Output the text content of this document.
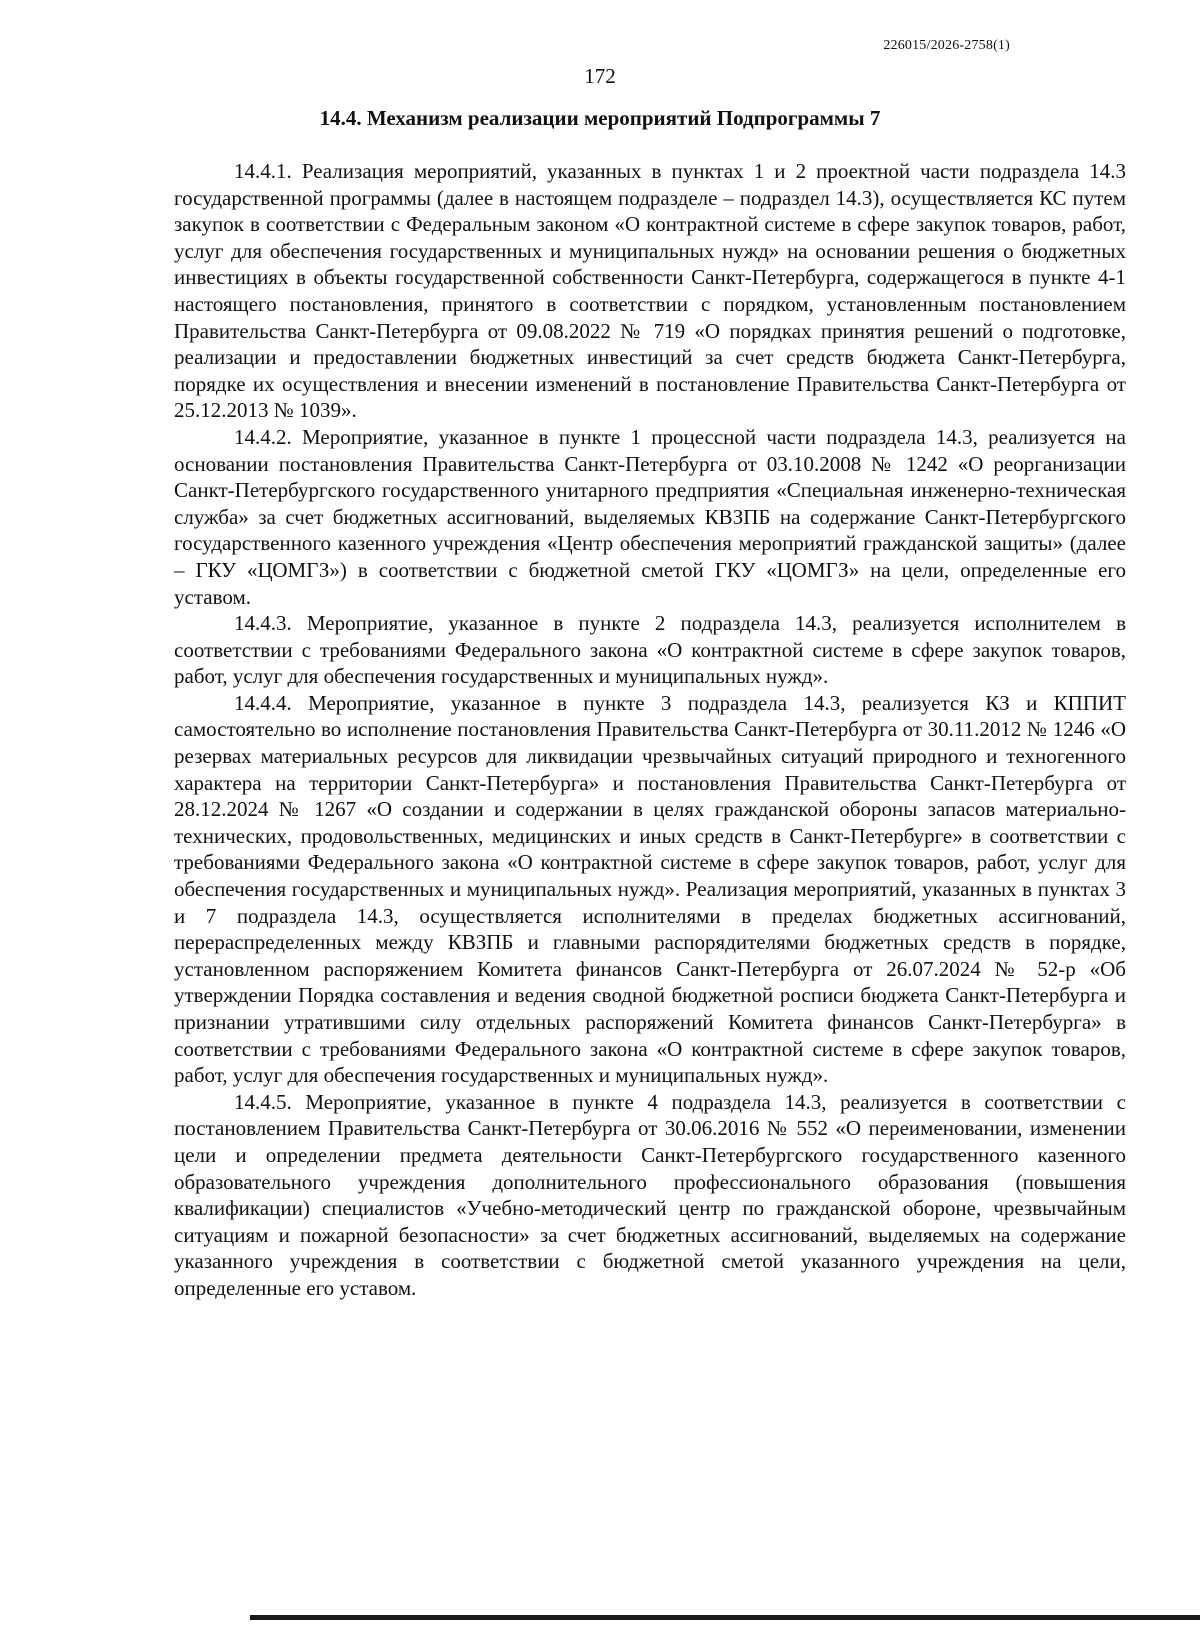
226015/2026-2758(1)
172
14.4. Механизм реализации мероприятий Подпрограммы 7

14.4.1. Реализация мероприятий, указанных в пунктах 1 и 2 проектной части подраздела 14.3 государственной программы (далее в настоящем подразделе – подраздел 14.3), осуществляется КС путем закупок в соответствии с Федеральным законом «О контрактной системе в сфере закупок товаров, работ, услуг для обеспечения государственных и муниципальных нужд» на основании решения о бюджетных инвестициях в объекты государственной собственности Санкт-Петербурга, содержащегося в пункте 4-1 настоящего постановления, принятого в соответствии с порядком, установленным постановлением Правительства Санкт-Петербурга от 09.08.2022 № 719 «О порядках принятия решений о подготовке, реализации и предоставлении бюджетных инвестиций за счет средств бюджета Санкт-Петербурга, порядке их осуществления и внесении изменений в постановление Правительства Санкт-Петербурга от 25.12.2013 № 1039».

14.4.2. Мероприятие, указанное в пункте 1 процессной части подраздела 14.3, реализуется на основании постановления Правительства Санкт-Петербурга от 03.10.2008 № 1242 «О реорганизации Санкт-Петербургского государственного унитарного предприятия «Специальная инженерно-техническая служба» за счет бюджетных ассигнований, выделяемых КВЗПБ на содержание Санкт-Петербургского государственного казенного учреждения «Центр обеспечения мероприятий гражданской защиты» (далее – ГКУ «ЦОМГЗ») в соответствии с бюджетной сметой ГКУ «ЦОМГЗ» на цели, определенные его уставом.

14.4.3. Мероприятие, указанное в пункте 2 подраздела 14.3, реализуется исполнителем в соответствии с требованиями Федерального закона «О контрактной системе в сфере закупок товаров, работ, услуг для обеспечения государственных и муниципальных нужд».

14.4.4. Мероприятие, указанное в пункте 3 подраздела 14.3, реализуется КЗ и КППИТ самостоятельно во исполнение постановления Правительства Санкт-Петербурга от 30.11.2012 № 1246 «О резервах материальных ресурсов для ликвидации чрезвычайных ситуаций природного и техногенного характера на территории Санкт-Петербурга» и постановления Правительства Санкт-Петербурга от 28.12.2024 № 1267 «О создании и содержании в целях гражданской обороны запасов материально-технических, продовольственных, медицинских и иных средств в Санкт-Петербурге» в соответствии с требованиями Федерального закона «О контрактной системе в сфере закупок товаров, работ, услуг для обеспечения государственных и муниципальных нужд». Реализация мероприятий, указанных в пунктах 3 и 7 подраздела 14.3, осуществляется исполнителями в пределах бюджетных ассигнований, перераспределенных между КВЗПБ и главными распорядителями бюджетных средств в порядке, установленном распоряжением Комитета финансов Санкт-Петербурга от 26.07.2024 № 52-р «Об утверждении Порядка составления и ведения сводной бюджетной росписи бюджета Санкт-Петербурга и признании утратившими силу отдельных распоряжений Комитета финансов Санкт-Петербурга» в соответствии с требованиями Федерального закона «О контрактной системе в сфере закупок товаров, работ, услуг для обеспечения государственных и муниципальных нужд».

14.4.5. Мероприятие, указанное в пункте 4 подраздела 14.3, реализуется в соответствии с постановлением Правительства Санкт-Петербурга от 30.06.2016 № 552 «О переименовании, изменении цели и определении предмета деятельности Санкт-Петербургского государственного казенного образовательного учреждения дополнительного профессионального образования (повышения квалификации) специалистов «Учебно-методический центр по гражданской обороне, чрезвычайным ситуациям и пожарной безопасности» за счет бюджетных ассигнований, выделяемых на содержание указанного учреждения в соответствии с бюджетной сметой указанного учреждения на цели, определенные его уставом.
